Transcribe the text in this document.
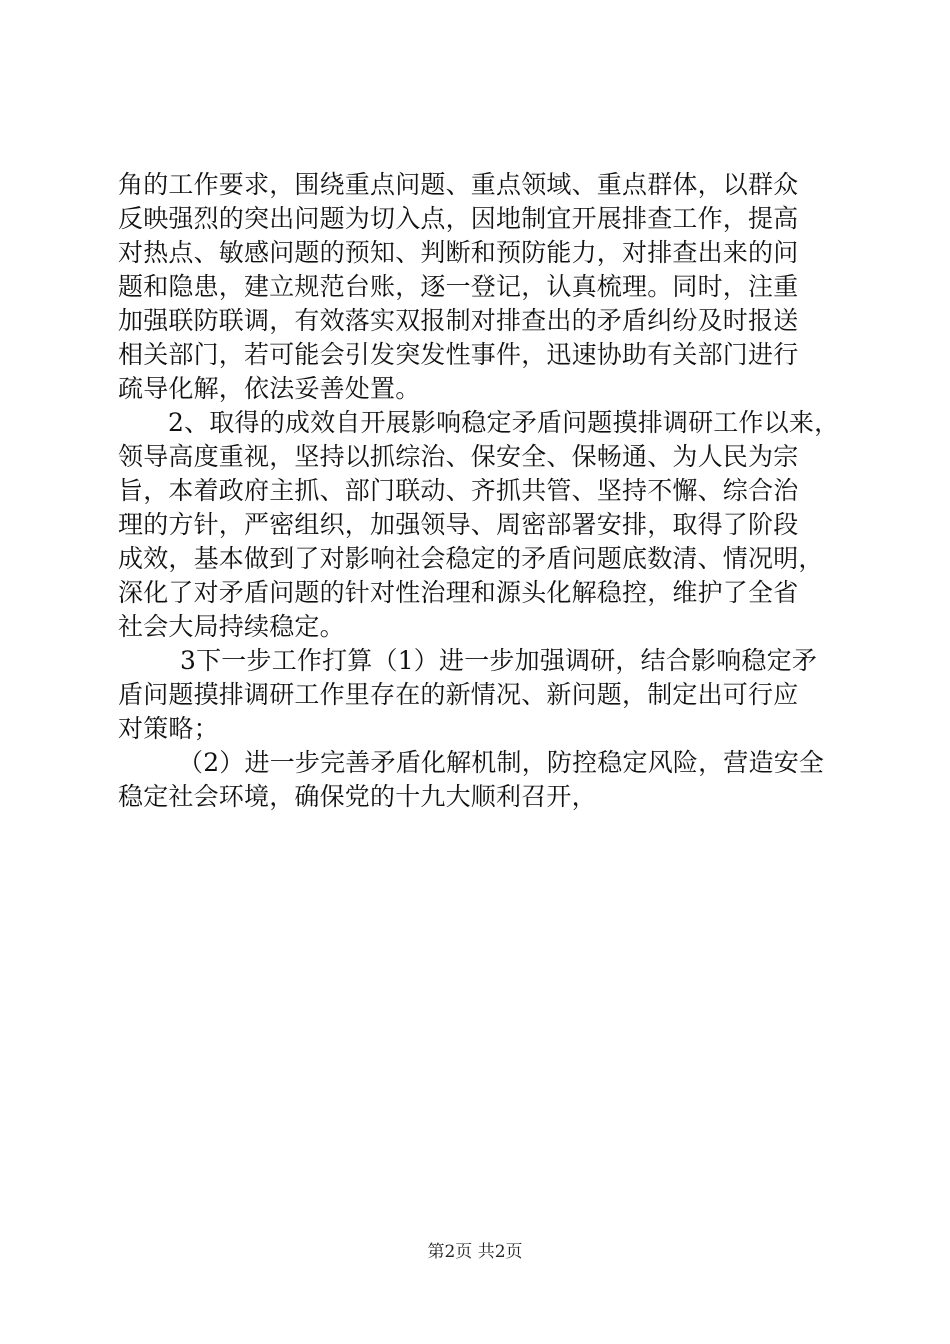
角的工作要求，围绕重点问题、重点领域、重点群体，以群众
反映强烈的突出问题为切入点，因地制宜开展排查工作，提高
对热点、敏感问题的预知、判断和预防能力，对排查出来的问
题和隐患，建立规范台账，逐一登记，认真梳理。同时，注重
加强联防联调，有效落实双报制对排查出的矛盾纠纷及时报送
相关部门，若可能会引发突发性事件，迅速协助有关部门进行
疏导化解，依法妥善处置。
2、取得的成效自开展影响稳定矛盾问题摸排调研工作以来，
领导高度重视，坚持以抓综治、保安全、保畅通、为人民为宗
旨，本着政府主抓、部门联动、齐抓共管、坚持不懈、综合治
理的方针，严密组织，加强领导、周密部署安排，取得了阶段
成效，基本做到了对影响社会稳定的矛盾问题底数清、情况明，
深化了对矛盾问题的针对性治理和源头化解稳控，维护了全省
社会大局持续稳定。
3下一步工作打算（1）进一步加强调研，结合影响稳定矛
盾问题摸排调研工作里存在的新情况、新问题，制定出可行应
对策略；
（2）进一步完善矛盾化解机制，防控稳定风险，营造安全
稳定社会环境，确保党的十九大顺利召开，
第2页 共2页
